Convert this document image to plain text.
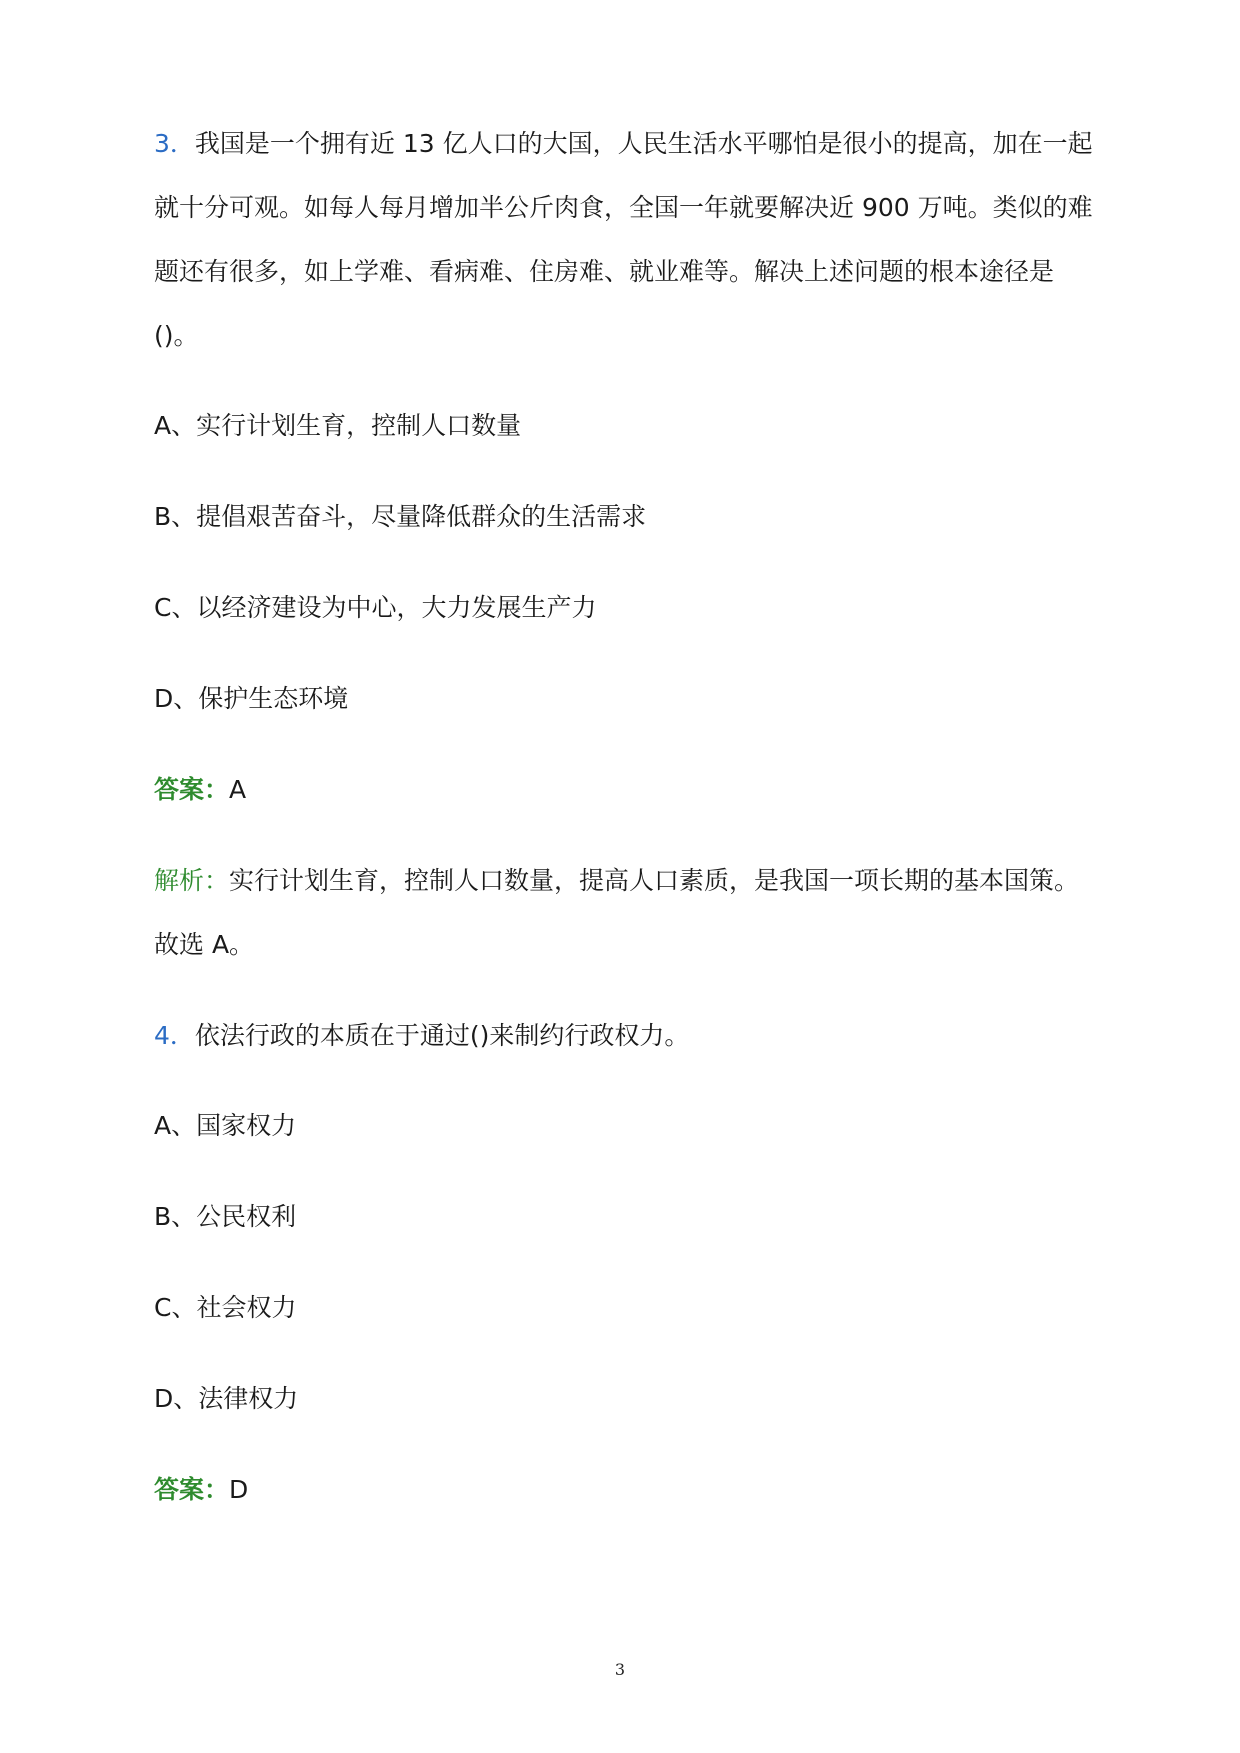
3．我国是一个拥有近 13 亿人口的大国，人民生活水平哪怕是很小的提高，加在一起就十分可观。如每人每月增加半公斤肉食，全国一年就要解决近 900 万吨。类似的难题还有很多，如上学难、看病难、住房难、就业难等。解决上述问题的根本途径是()。

A、实行计划生育，控制人口数量
B、提倡艰苦奋斗，尽量降低群众的生活需求
C、以经济建设为中心，大力发展生产力
D、保护生态环境
答案：A
解析：实行计划生育，控制人口数量，提高人口素质，是我国一项长期的基本国策。故选 A。

4．依法行政的本质在于通过()来制约行政权力。

A、国家权力
B、公民权利
C、社会权力
D、法律权力
答案：D
3
